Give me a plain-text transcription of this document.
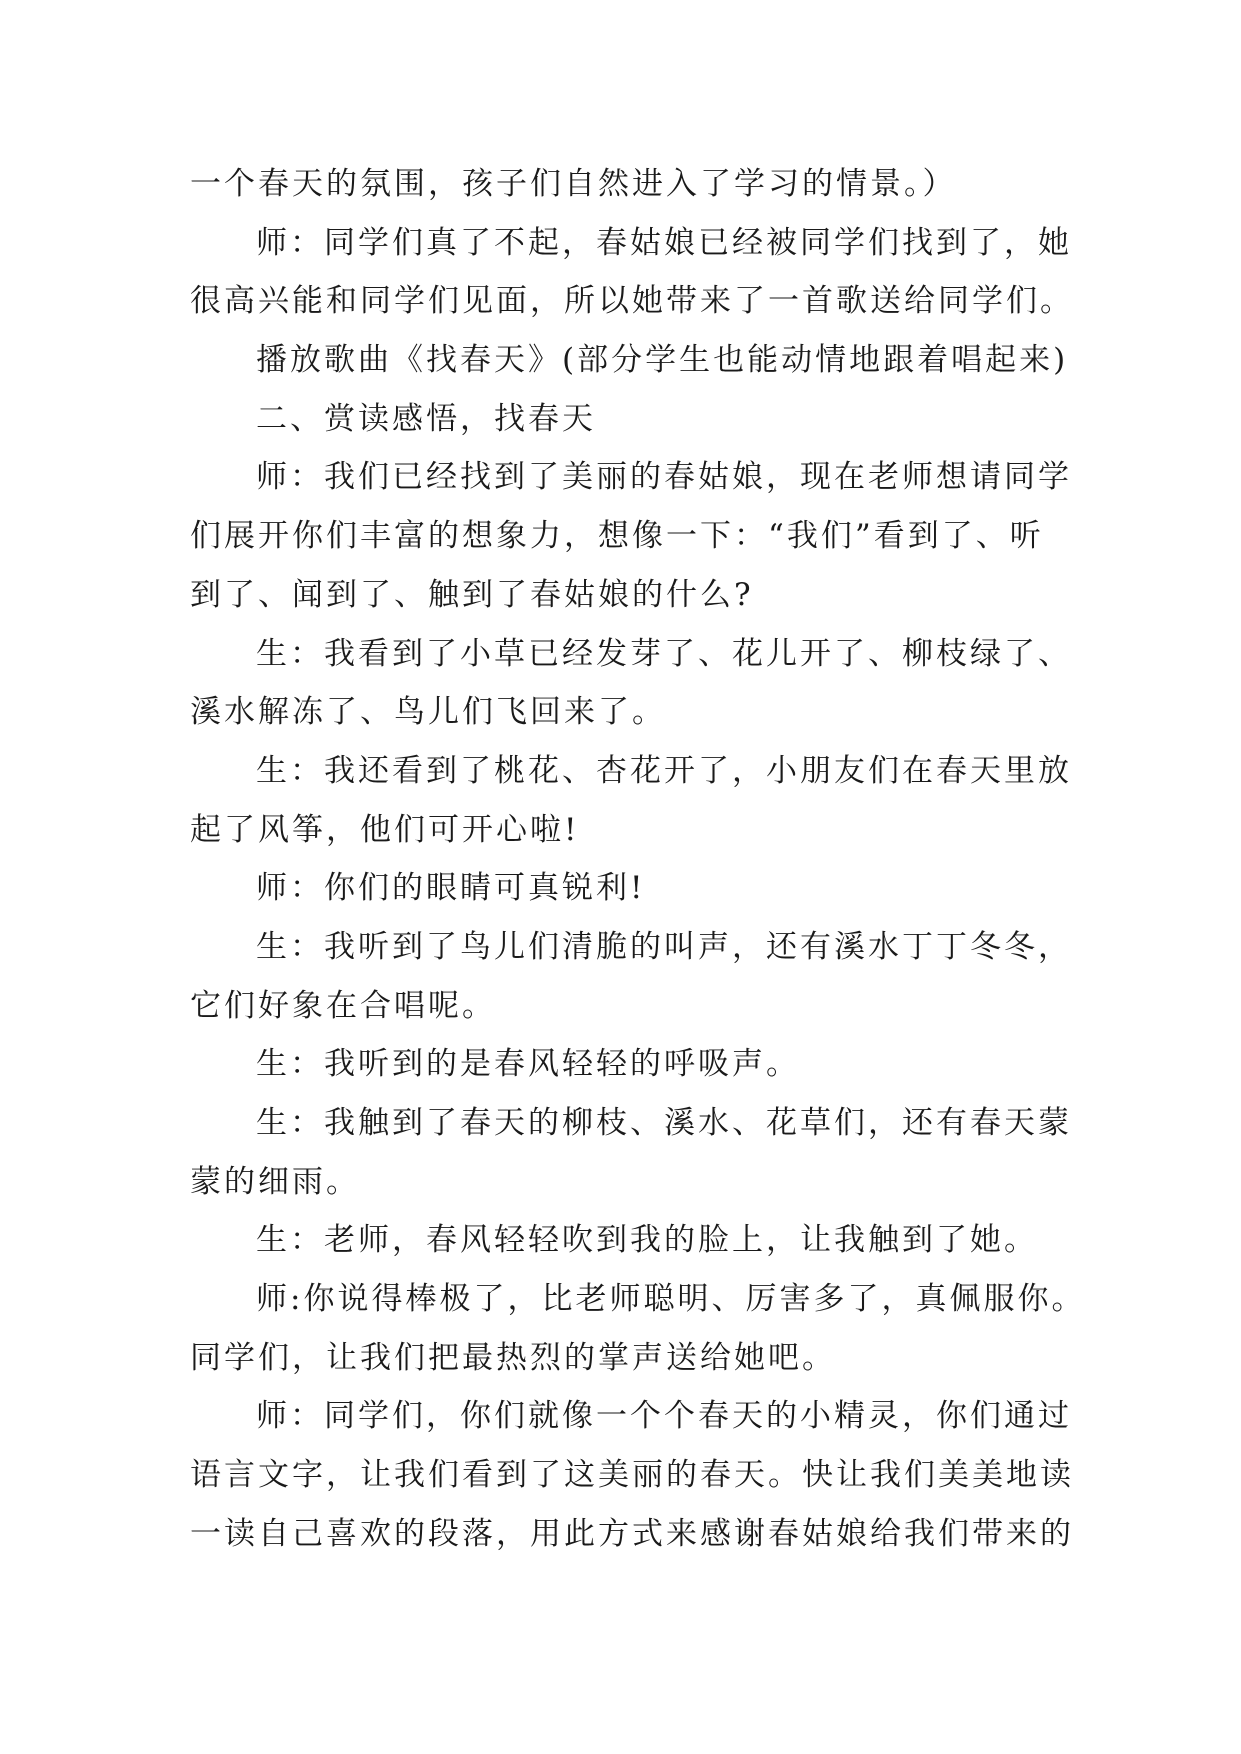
一个春天的氛围，孩子们自然进入了学习的情景。）
师：同学们真了不起，春姑娘已经被同学们找到了，她
很高兴能和同学们见面，所以她带来了一首歌送给同学们。
播放歌曲《找春天》(部分学生也能动情地跟着唱起来)
二、赏读感悟，找春天
师：我们已经找到了美丽的春姑娘，现在老师想请同学
们展开你们丰富的想象力，想像一下：“我们”看到了、听
到了、闻到了、触到了春姑娘的什么?
生：我看到了小草已经发芽了、花儿开了、柳枝绿了、
溪水解冻了、鸟儿们飞回来了。
生：我还看到了桃花、杏花开了，小朋友们在春天里放
起了风筝，他们可开心啦!
师：你们的眼睛可真锐利!
生：我听到了鸟儿们清脆的叫声，还有溪水丁丁冬冬，
它们好象在合唱呢。
生：我听到的是春风轻轻的呼吸声。
生：我触到了春天的柳枝、溪水、花草们，还有春天蒙
蒙的细雨。
生：老师，春风轻轻吹到我的脸上，让我触到了她。
师:你说得棒极了，比老师聪明、厉害多了，真佩服你。
同学们，让我们把最热烈的掌声送给她吧。
师：同学们，你们就像一个个春天的小精灵，你们通过
语言文字，让我们看到了这美丽的春天。快让我们美美地读
一读自己喜欢的段落，用此方式来感谢春姑娘给我们带来的
